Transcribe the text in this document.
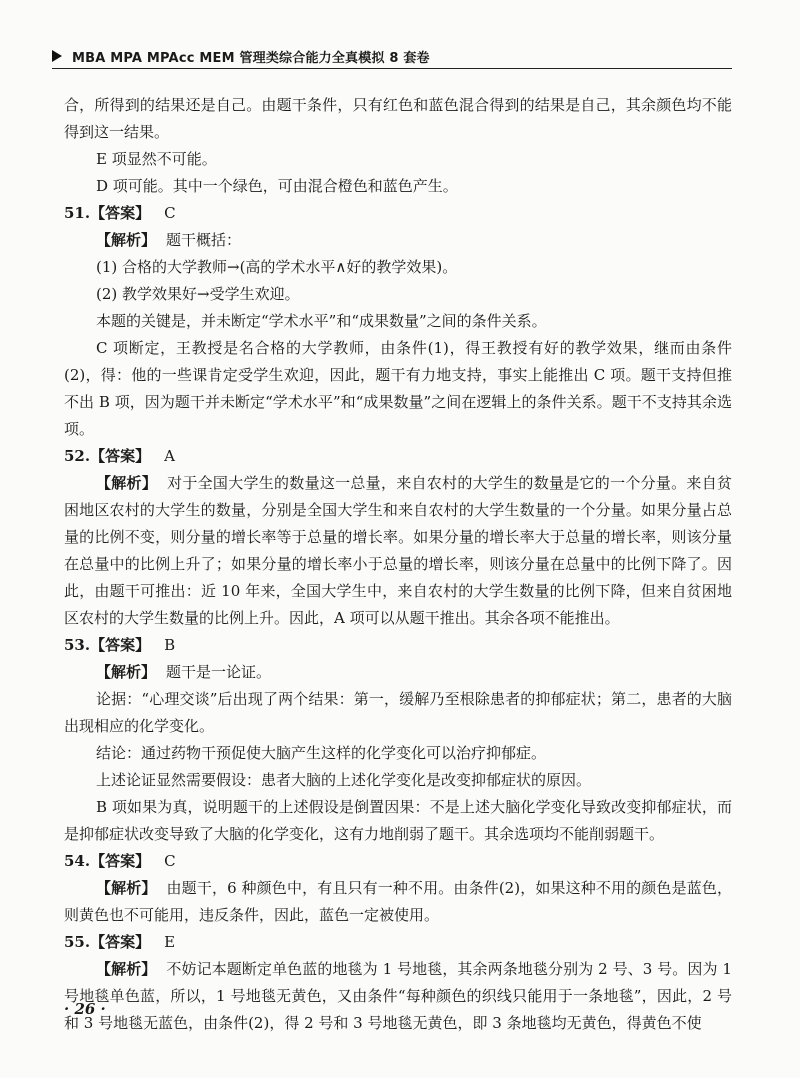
MBA MPA MPAcc MEM 管理类综合能力全真模拟 8 套卷

合，所得到的结果还是自己。由题干条件，只有红色和蓝色混合得到的结果是自己，其余颜色均不能得到这一结果。

E 项显然不可能。

D 项可能。其中一个绿色，可由混合橙色和蓝色产生。

51.【答案】 C

【解析】 题干概括：

(1) 合格的大学教师→(高的学术水平∧好的教学效果)。

(2) 教学效果好→受学生欢迎。

本题的关键是，并未断定“学术水平”和“成果数量”之间的条件关系。

C 项断定，王教授是名合格的大学教师，由条件(1)，得王教授有好的教学效果，继而由条件(2)，得：他的一些课肯定受学生欢迎，因此，题干有力地支持，事实上能推出 C 项。题干支持但推不出 B 项，因为题干并未断定“学术水平”和“成果数量”之间在逻辑上的条件关系。题干不支持其余选项。

52.【答案】 A

【解析】 对于全国大学生的数量这一总量，来自农村的大学生的数量是它的一个分量。来自贫困地区农村的大学生的数量，分别是全国大学生和来自农村的大学生数量的一个分量。如果分量占总量的比例不变，则分量的增长率等于总量的增长率。如果分量的增长率大于总量的增长率，则该分量在总量中的比例上升了；如果分量的增长率小于总量的增长率，则该分量在总量中的比例下降了。因此，由题干可推出：近 10 年来，全国大学生中，来自农村的大学生数量的比例下降，但来自贫困地区农村的大学生数量的比例上升。因此，A 项可以从题干推出。其余各项不能推出。

53.【答案】 B

【解析】 题干是一论证。

论据：“心理交谈”后出现了两个结果：第一，缓解乃至根除患者的抑郁症状；第二，患者的大脑出现相应的化学变化。

结论：通过药物干预促使大脑产生这样的化学变化可以治疗抑郁症。

上述论证显然需要假设：患者大脑的上述化学变化是改变抑郁症状的原因。

B 项如果为真，说明题干的上述假设是倒置因果：不是上述大脑化学变化导致改变抑郁症状，而是抑郁症状改变导致了大脑的化学变化，这有力地削弱了题干。其余选项均不能削弱题干。

54.【答案】 C

【解析】 由题干，6 种颜色中，有且只有一种不用。由条件(2)，如果这种不用的颜色是蓝色，则黄色也不可能用，违反条件，因此，蓝色一定被使用。

55.【答案】 E

【解析】 不妨记本题断定单色蓝的地毯为 1 号地毯，其余两条地毯分别为 2 号、3 号。因为 1 号地毯单色蓝，所以，1 号地毯无黄色，又由条件“每种颜色的织线只能用于一条地毯”，因此，2 号和 3 号地毯无蓝色，由条件(2)，得 2 号和 3 号地毯无黄色，即 3 条地毯均无黄色，得黄色不使

· 26 ·
